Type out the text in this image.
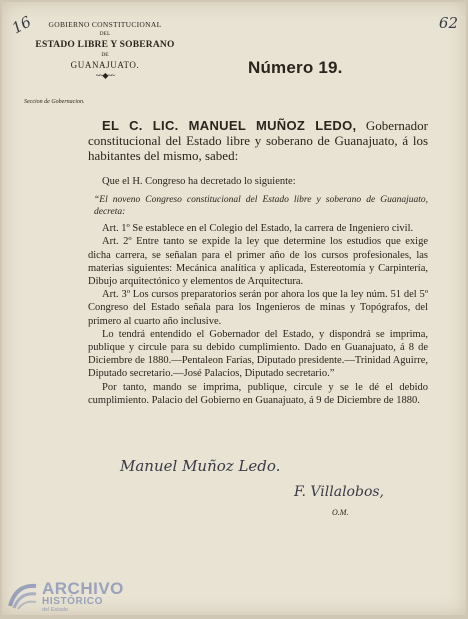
16	62
GOBIERNO CONSTITUCIONAL
DEL
ESTADO LIBRE Y SOBERANO
DE
GUANAJUATO.
~~◆~~
Seccion de Gobernacion.
Número 19.

EL C. LIC. MANUEL MUÑOZ LEDO, Gobernador constitucional del Estado libre y soberano de Guanajuato, á los habitantes del mismo, sabed:

Que el H. Congreso ha decretado lo siguiente:

“El noveno Congreso constitucional del Estado libre y soberano de Guanajuato, decreta:

Art. 1º Se establece en el Colegio del Estado, la carrera de Ingeniero civil.

Art. 2º Entre tanto se expide la ley que determine los estudios que exige dicha carrera, se señalan para el primer año de los cursos profesionales, las materias siguientes: Mecánica analítica y aplicada, Estereotomía y Carpintería, Dibujo arquitectónico y elementos de Arquitectura.

Art. 3º Los cursos preparatorios serán por ahora los que la ley núm. 51 del 5º Congreso del Estado señala para los Ingenieros de minas y Topógrafos, del primero al cuarto año inclusive.

Lo tendrá entendido el Gobernador del Estado, y dispondrá se imprima, publique y circule para su debido cumplimiento. Dado en Guanajuato, á 8 de Diciembre de 1880.—Pentaleon Farías, Diputado presidente.—Trinidad Aguirre, Diputado secretario.—José Palacios, Diputado secretario.”

Por tanto, mando se imprima, publique, circule y se le dé el debido cumplimiento. Palacio del Gobierno en Guanajuato, á 9 de Diciembre de 1880.

Manuel Muñoz Ledo.
F. Villalobos,
O.M.
ARCHIVO
HISTÓRICO
del Estado
